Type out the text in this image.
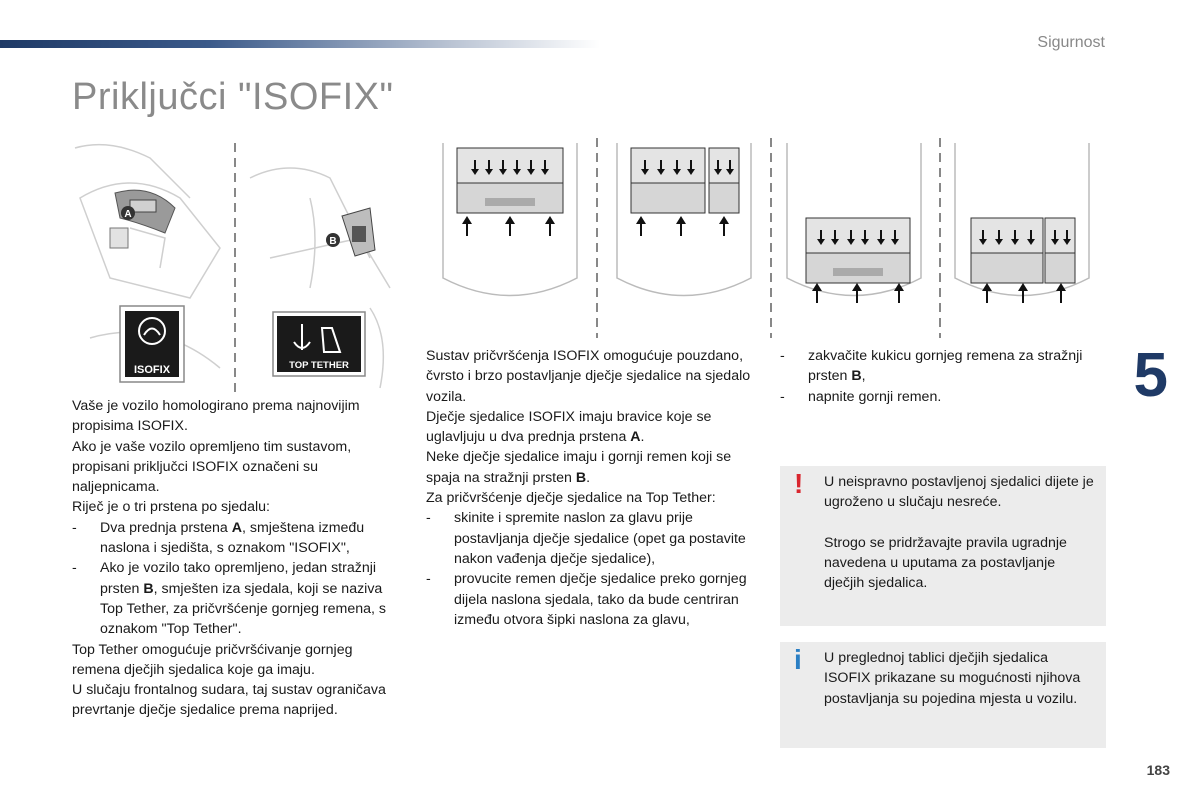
Sigurnost
Priključci "ISOFIX"
A
B
ISOFIX	TOP TETHER

Vaše je vozilo homologirano prema najnovijim propisima ISOFIX.

Ako je vaše vozilo opremljeno tim sustavom, propisani priključci ISOFIX označeni su naljepnicama.

Riječ je o tri prstena po sjedalu:

-	Dva prednja prstena A, smještena između naslona i sjedišta, s oznakom "ISOFIX",
-	Ako je vozilo tako opremljeno, jedan stražnji prsten B, smješten iza sjedala, koji se naziva Top Tether, za pričvršćenje gornjeg remena, s oznakom "Top Tether".

Top Tether omogućuje pričvršćivanje gornjeg remena dječjih sjedalica koje ga imaju.

U slučaju frontalnog sudara, taj sustav ograničava prevrtanje dječje sjedalice prema naprijed.

Sustav pričvršćenja ISOFIX omogućuje pouzdano, čvrsto i brzo postavljanje dječje sjedalice na sjedalo vozila.

Dječje sjedalice ISOFIX imaju bravice koje se uglavljuju u dva prednja prstena A.

Neke dječje sjedalice imaju i gornji remen koji se spaja na stražnji prsten B.

Za pričvršćenje dječje sjedalice na Top Tether:

-	skinite i spremite naslon za glavu prije postavljanja dječje sjedalice (opet ga postavite nakon vađenja dječje sjedalice),
-	provucite remen dječje sjedalice preko gornjeg dijela naslona sjedala, tako da bude centriran između otvora šipki naslona za glavu,
-	zakvačite kukicu gornjeg remena za stražnji prsten B,
-	napnite gornji remen.	5
! U neispravno postavljenoj sjedalici dijete je ugroženo u slučaju nesreće.

Strogo se pridržavajte pravila ugradnje navedena u uputama za postavljanje dječjih sjedalica.

i U preglednoj tablici dječjih sjedalica ISOFIX prikazane su mogućnosti njihova postavljanja su pojedina mjesta u vozilu.

183
